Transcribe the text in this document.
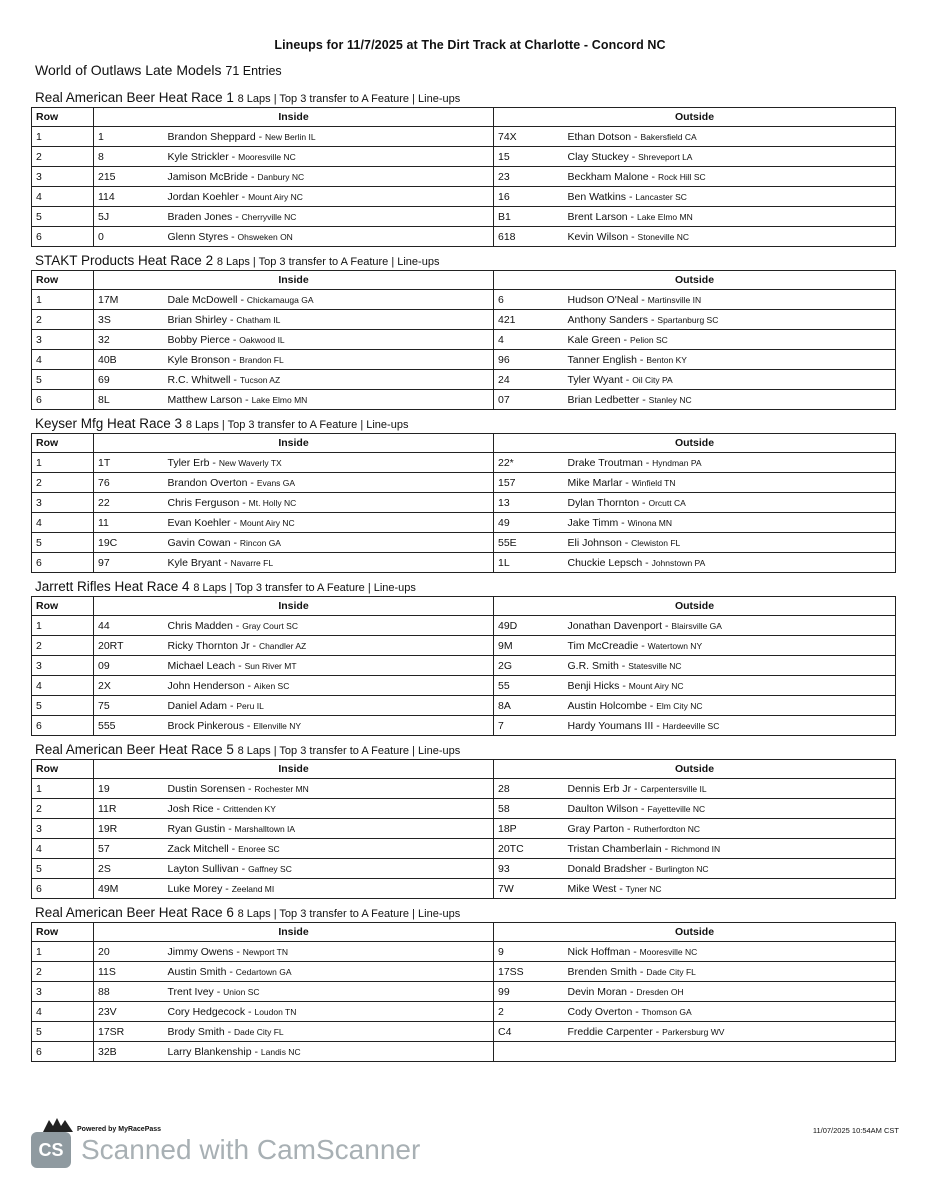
Lineups for 11/7/2025 at The Dirt Track at Charlotte - Concord NC
World of Outlaws Late Models 71 Entries
Real American Beer Heat Race 1 8 Laps | Top 3 transfer to A Feature | Line-ups
Row	Inside		Outside	
1	1	Brandon Sheppard - New Berlin IL	74X	Ethan Dotson - Bakersfield CA
2	8	Kyle Strickler - Mooresville NC	15	Clay Stuckey - Shreveport LA
3	215	Jamison McBride - Danbury NC	23	Beckham Malone - Rock Hill SC
4	114	Jordan Koehler - Mount Airy NC	16	Ben Watkins - Lancaster SC
5	5J	Braden Jones - Cherryville NC	B1	Brent Larson - Lake Elmo MN
6	0	Glenn Styres - Ohsweken ON	618	Kevin Wilson - Stoneville NC
STAKT Products Heat Race 2 8 Laps | Top 3 transfer to A Feature | Line-ups
Row	Inside		Outside	
1	17M	Dale McDowell - Chickamauga GA	6	Hudson O'Neal - Martinsville IN
2	3S	Brian Shirley - Chatham IL	421	Anthony Sanders - Spartanburg SC
3	32	Bobby Pierce - Oakwood IL	4	Kale Green - Pelion SC
4	40B	Kyle Bronson - Brandon FL	96	Tanner English - Benton KY
5	69	R.C. Whitwell - Tucson AZ	24	Tyler Wyant - Oil City PA
6	8L	Matthew Larson - Lake Elmo MN	07	Brian Ledbetter - Stanley NC
Keyser Mfg Heat Race 3 8 Laps | Top 3 transfer to A Feature | Line-ups
Row	Inside		Outside	
1	1T	Tyler Erb - New Waverly TX	22*	Drake Troutman - Hyndman PA
2	76	Brandon Overton - Evans GA	157	Mike Marlar - Winfield TN
3	22	Chris Ferguson - Mt. Holly NC	13	Dylan Thornton - Orcutt CA
4	11	Evan Koehler - Mount Airy NC	49	Jake Timm - Winona MN
5	19C	Gavin Cowan - Rincon GA	55E	Eli Johnson - Clewiston FL
6	97	Kyle Bryant - Navarre FL	1L	Chuckie Lepsch - Johnstown PA
Jarrett Rifles Heat Race 4 8 Laps | Top 3 transfer to A Feature | Line-ups
Row	Inside		Outside	
1	44	Chris Madden - Gray Court SC	49D	Jonathan Davenport - Blairsville GA
2	20RT	Ricky Thornton Jr - Chandler AZ	9M	Tim McCreadie - Watertown NY
3	09	Michael Leach - Sun River MT	2G	G.R. Smith - Statesville NC
4	2X	John Henderson - Aiken SC	55	Benji Hicks - Mount Airy NC
5	75	Daniel Adam - Peru IL	8A	Austin Holcombe - Elm City NC
6	555	Brock Pinkerous - Ellenville NY	7	Hardy Youmans III - Hardeeville SC
Real American Beer Heat Race 5 8 Laps | Top 3 transfer to A Feature | Line-ups
Row	Inside		Outside	
1	19	Dustin Sorensen - Rochester MN	28	Dennis Erb Jr - Carpentersville IL
2	11R	Josh Rice - Crittenden KY	58	Daulton Wilson - Fayetteville NC
3	19R	Ryan Gustin - Marshalltown IA	18P	Gray Parton - Rutherfordton NC
4	57	Zack Mitchell - Enoree SC	20TC	Tristan Chamberlain - Richmond IN
5	2S	Layton Sullivan - Gaffney SC	93	Donald Bradsher - Burlington NC
6	49M	Luke Morey - Zeeland MI	7W	Mike West - Tyner NC
Real American Beer Heat Race 6 8 Laps | Top 3 transfer to A Feature | Line-ups
Row	Inside		Outside	
1	20	Jimmy Owens - Newport TN	9	Nick Hoffman - Mooresville NC
2	11S	Austin Smith - Cedartown GA	17SS	Brenden Smith - Dade City FL
3	88	Trent Ivey - Union SC	99	Devin Moran - Dresden OH
4	23V	Cory Hedgecock - Loudon TN	2	Cody Overton - Thomson GA
5	17SR	Brody Smith - Dade City FL	C4	Freddie Carpenter - Parkersburg WV
6	32B	Larry Blankenship - Landis NC		
Powered by MyRacePass	11/07/2025 10:54AM CST
CS Scanned with CamScanner
